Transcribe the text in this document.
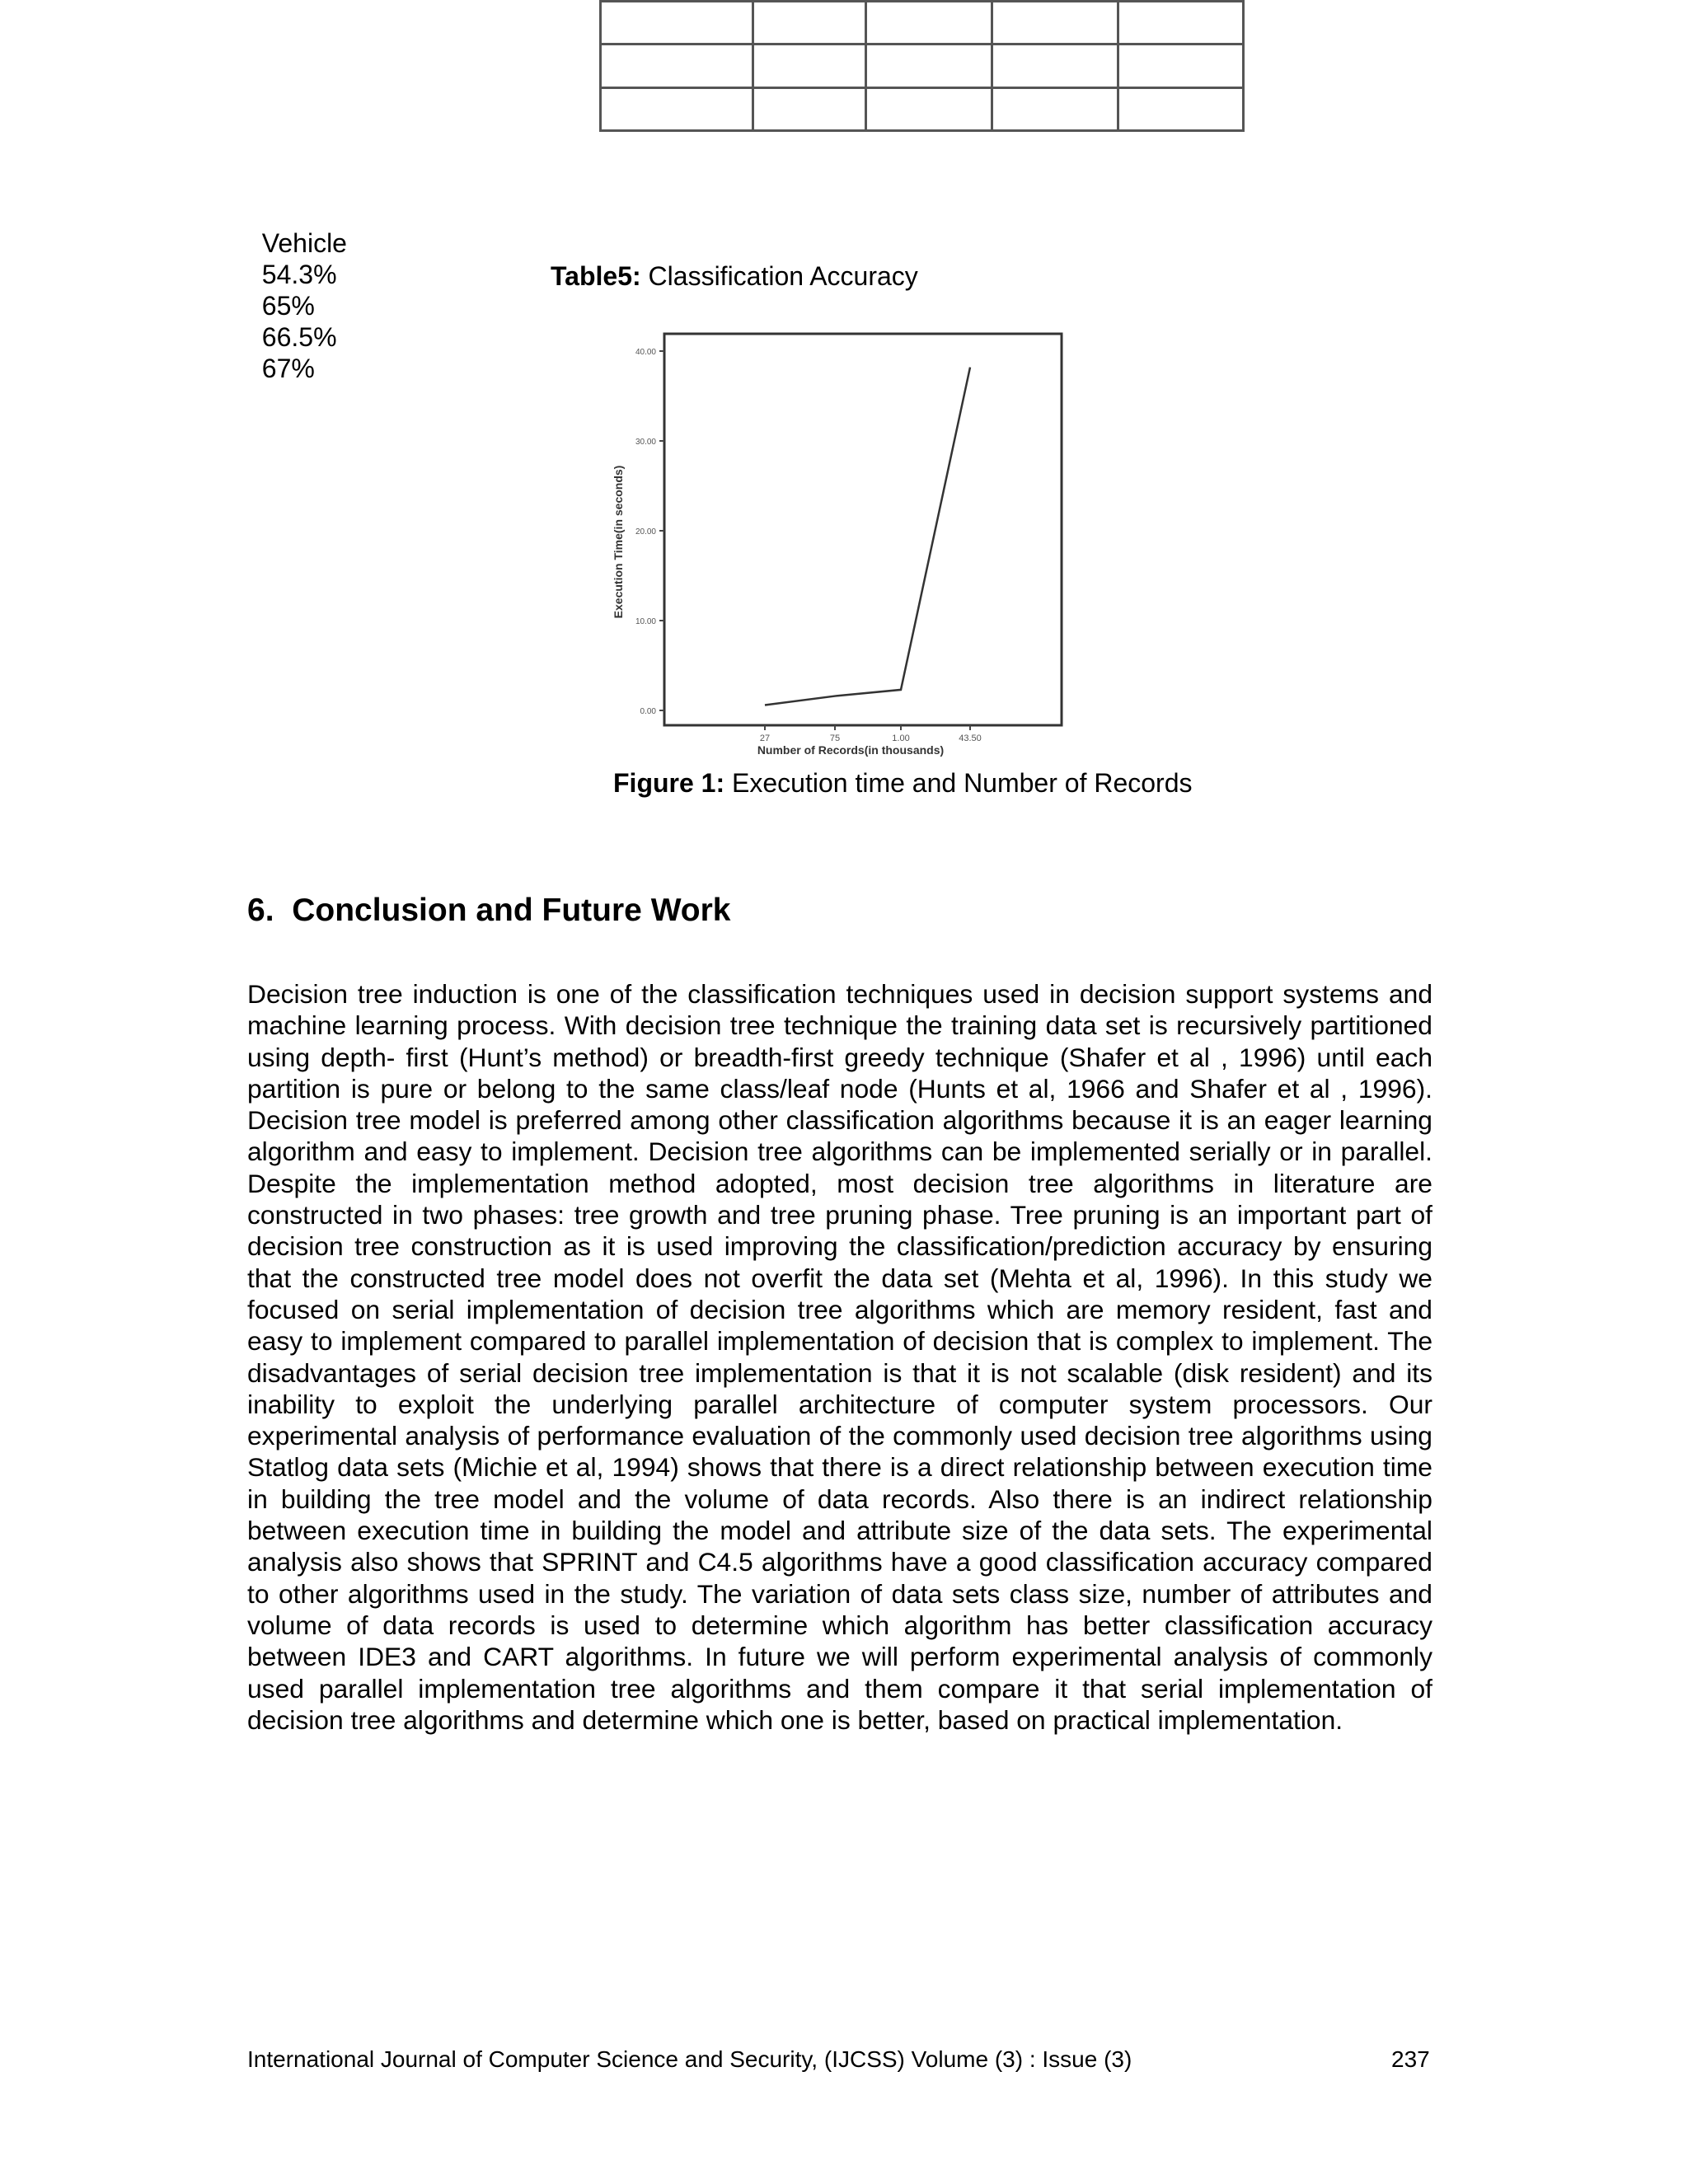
Vehicle
54.3%
65%
66.5%
67%

Table5: Classification Accuracy
0.00
10.00
20.00
30.00
40.00
27	75	1.00	43.50
Number of Records(in thousands)
Execution Time(in seconds)
Figure 1: Execution time and Number of Records
6. Conclusion and Future Work
Decision tree induction is one of the classification techniques used in decision support systems and machine learning process. With decision tree technique the training data set is recursively partitioned using depth- first (Hunt’s method) or breadth-first greedy technique (Shafer et al , 1996) until each partition is pure or belong to the same class/leaf node (Hunts et al, 1966 and Shafer et al , 1996). Decision tree model is preferred among other classification algorithms because it is an eager learning algorithm and easy to implement. Decision tree algorithms can be implemented serially or in parallel. Despite the implementation method adopted, most decision tree algorithms in literature are constructed in two phases: tree growth and tree pruning phase. Tree pruning is an important part of decision tree construction as it is used improving the classification/prediction accuracy by ensuring that the constructed tree model does not overfit the data set (Mehta et al, 1996). In this study we focused on serial implementation of decision tree algorithms which are memory resident, fast and easy to implement compared to parallel implementation of decision that is complex to implement. The disadvantages of serial decision tree implementation is that it is not scalable (disk resident) and its inability to exploit the underlying parallel architecture of computer system processors. Our experimental analysis of performance evaluation of the commonly used decision tree algorithms using Statlog data sets (Michie et al, 1994) shows that there is a direct relationship between execution time in building the tree model and the volume of data records. Also there is an indirect relationship between execution time in building the model and attribute size of the data sets. The experimental analysis also shows that SPRINT and C4.5 algorithms have a good classification accuracy compared to other algorithms used in the study. The variation of data sets class size, number of attributes and volume of data records is used to determine which algorithm has better classification accuracy between IDE3 and CART algorithms. In future we will perform experimental analysis of commonly used parallel implementation tree algorithms and them compare it that serial implementation of decision tree algorithms and determine which one is better, based on practical implementation.
International Journal of Computer Science and Security, (IJCSS) Volume (3) : Issue (3)	237
